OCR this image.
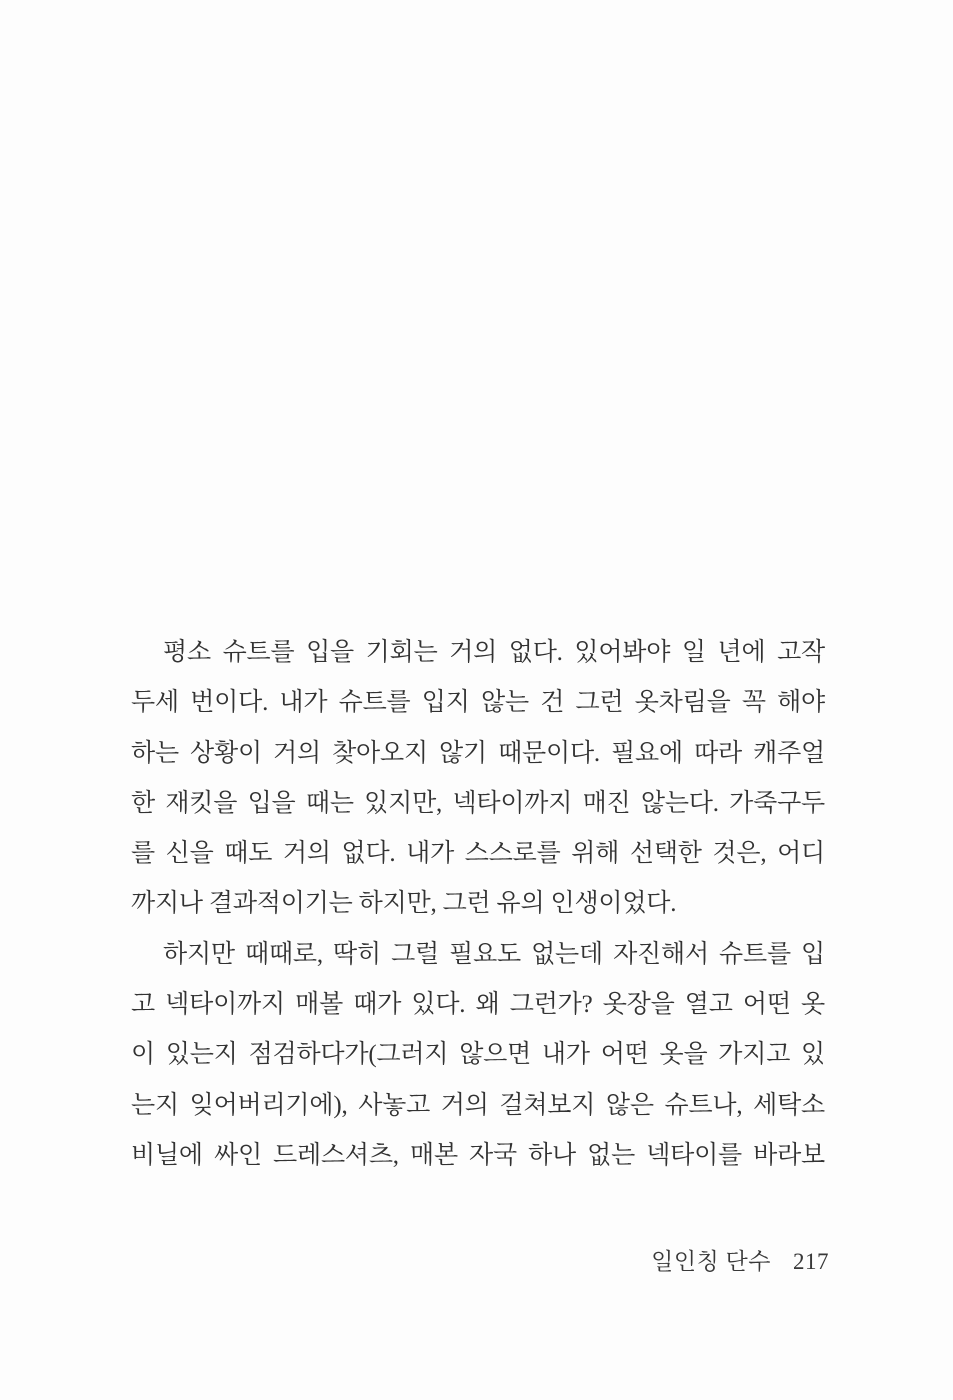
평소 슈트를 입을 기회는 거의 없다. 있어봐야 일 년에 고작
두세 번이다. 내가 슈트를 입지 않는 건 그런 옷차림을 꼭 해야
하는 상황이 거의 찾아오지 않기 때문이다. 필요에 따라 캐주얼
한 재킷을 입을 때는 있지만, 넥타이까지 매진 않는다. 가죽구두
를 신을 때도 거의 없다. 내가 스스로를 위해 선택한 것은, 어디
까지나 결과적이기는 하지만, 그런 유의 인생이었다.
하지만 때때로, 딱히 그럴 필요도 없는데 자진해서 슈트를 입
고 넥타이까지 매볼 때가 있다. 왜 그런가? 옷장을 열고 어떤 옷
이 있는지 점검하다가(그러지 않으면 내가 어떤 옷을 가지고 있
는지 잊어버리기에), 사놓고 거의 걸쳐보지 않은 슈트나, 세탁소
비닐에 싸인 드레스셔츠, 매본 자국 하나 없는 넥타이를 바라보
일인칭 단수 217
